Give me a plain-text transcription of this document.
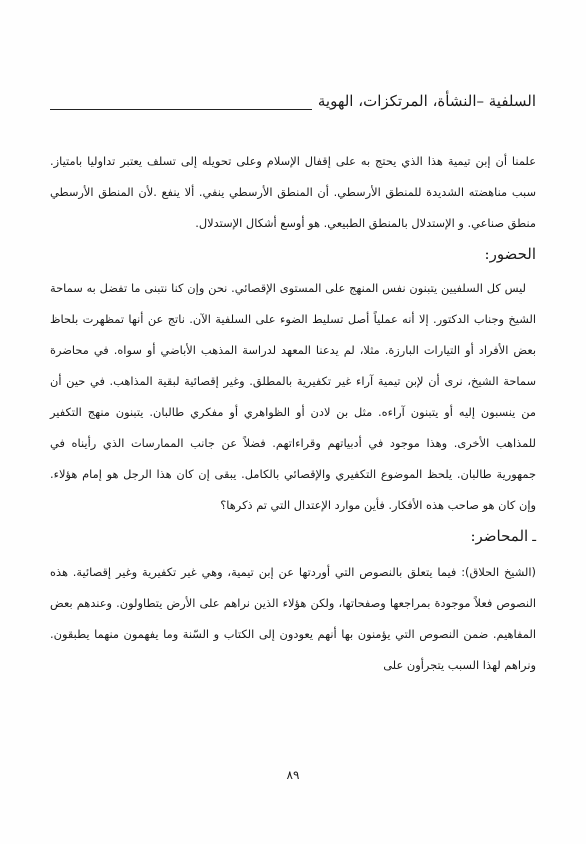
السلفية –النشأة، المرتكزات، الهوية

علمنا أن إبن تيمية هذا الذي يحتج به على إقفال الإسلام وعلى تحويله إلى تسلف يعتبر تداوليا بامتياز. سبب مناهضته الشديدة للمنطق الأرسطي. أن المنطق الأرسطي ينفي. ألا ينفع .لأن المنطق الأرسطي منطق صناعي. و الإستدلال بالمنطق الطبيعي. هو أوسع أشكال الإستدلال.

الحضور:

ليس كل السلفيين يتبنون نفس المنهج على المستوى الإقصائي. نحن وإن كنا نتبنى ما تفضل به سماحة الشيخ وجناب الدكتور. إلا أنه عملياً أصل تسليط الضوء على السلفية الآن. ناتج عن أنها تمظهرت بلحاظ بعض الأفراد أو التيارات البارزة. مثلا، لم يدعنا المعهد لدراسة المذهب الأباضي أو سواه. في محاضرة سماحة الشيخ، نرى أن لإبن تيمية آراء غير تكفيرية بالمطلق. وغير إقصائية لبقية المذاهب. في حين أن من ينسبون إليه أو يتبنون آراءه. مثل بن لادن أو الظواهري أو مفكري طالبان. يتبنون منهج التكفير للمذاهب الأخرى. وهذا موجود في أدبياتهم وقراءاتهم. فضلاً عن جانب الممارسات الذي رأيناه في جمهورية طالبان. يلحظ الموضوع التكفيري والإقصائي بالكامل. يبقى إن كان هذا الرجل هو إمام هؤلاء. وإن كان هو صاحب هذه الأفكار. فأين موارد الإعتدال التي تم ذكرها؟

ـالمحاضر:

(الشيخ الحلاق): فيما يتعلق بالنصوص التي أوردتها عن إبن تيمية، وهي غير تكفيرية وغير إقصائية. هذه النصوص فعلاً موجودة بمراجعها وصفحاتها، ولكن هؤلاء الذين نراهم على الأرض يتطاولون. وعندهم بعض المفاهيم. ضمن النصوص التي يؤمنون بها أنهم يعودون إلى الكتاب و السّنة وما يفهمون منهما يطبقون. ونراهم لهذا السبب يتجرأون على

٨٩
